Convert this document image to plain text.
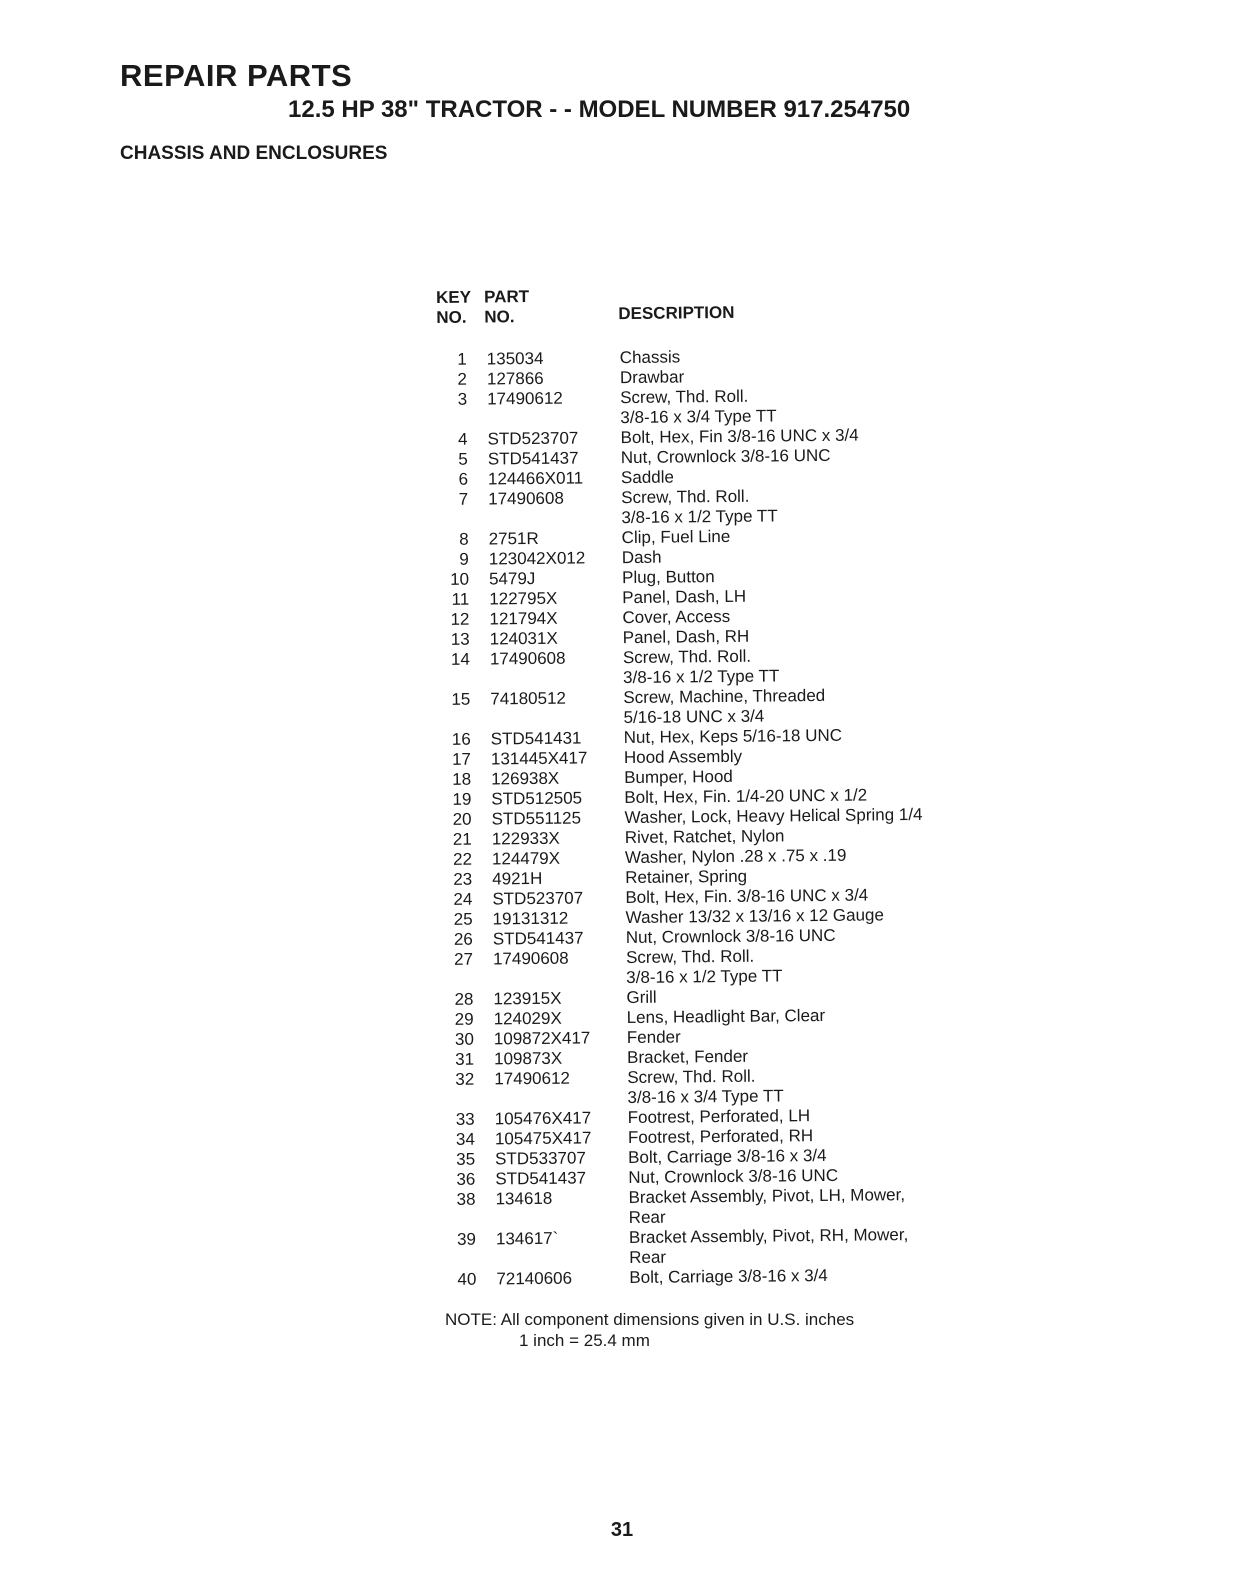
REPAIR PARTS
12.5 HP 38" TRACTOR - - MODEL NUMBER 917.254750
CHASSIS AND ENCLOSURES
KEY
NO.
PART
NO.	DESCRIPTION
1 135034	Chassis
2 127866	Drawbar
3 17490612	Screw, Thd. Roll.
3/8-16 x 3/4 Type TT
4 STD523707 Bolt, Hex, Fin 3/8-16 UNC x 3/4
5 STD541437 Nut, Crownlock 3/8-16 UNC
6 124466X011 Saddle
7 17490608	Screw, Thd. Roll.
3/8-16 x 1/2 Type TT
8 2751R	Clip, Fuel Line
9 123042X012 Dash
10 5479J	Plug, Button
11 122795X	Panel, Dash, LH
12 121794X	Cover, Access
13 124031X	Panel, Dash, RH
14 17490608	Screw, Thd. Roll.
3/8-16 x 1/2 Type TT
15 74180512	Screw, Machine, Threaded
5/16-18 UNC x 3/4
16 STD541431 Nut, Hex, Keps 5/16-18 UNC
17 131445X417 Hood Assembly
18 126938X	Bumper, Hood
19 STD512505 Bolt, Hex, Fin. 1/4-20 UNC x 1/2
20 STD551125	Washer, Lock, Heavy Helical Spring 1/4
21 122933X	Rivet, Ratchet, Nylon
22 124479X	Washer, Nylon .28 x .75 x .19
23 4921H	Retainer, Spring
24 STD523707 Bolt, Hex, Fin. 3/8-16 UNC x 3/4
25 19131312	Washer 13/32 x 13/16 x 12 Gauge
26 STD541437 Nut, Crownlock 3/8-16 UNC
27 17490608	Screw, Thd. Roll.
3/8-16 x 1/2 Type TT
28 123915X	Grill
29 124029X	Lens, Headlight Bar, Clear
30 109872X417 Fender
31 109873X	Bracket, Fender
32 17490612	Screw, Thd. Roll.
3/8-16 x 3/4 Type TT
33 105476X417 Footrest, Perforated, LH
34 105475X417 Footrest, Perforated, RH
35 STD533707 Bolt, Carriage 3/8-16 x 3/4
36 STD541437 Nut, Crownlock 3/8-16 UNC
38 134618	Bracket Assembly, Pivot, LH, Mower,
Rear
39 134617`	Bracket Assembly, Pivot, RH, Mower,
Rear
40 72140606	Bolt, Carriage 3/8-16 x 3/4
NOTE: All component dimensions given in U.S. inches
1 inch = 25.4 mm
31
